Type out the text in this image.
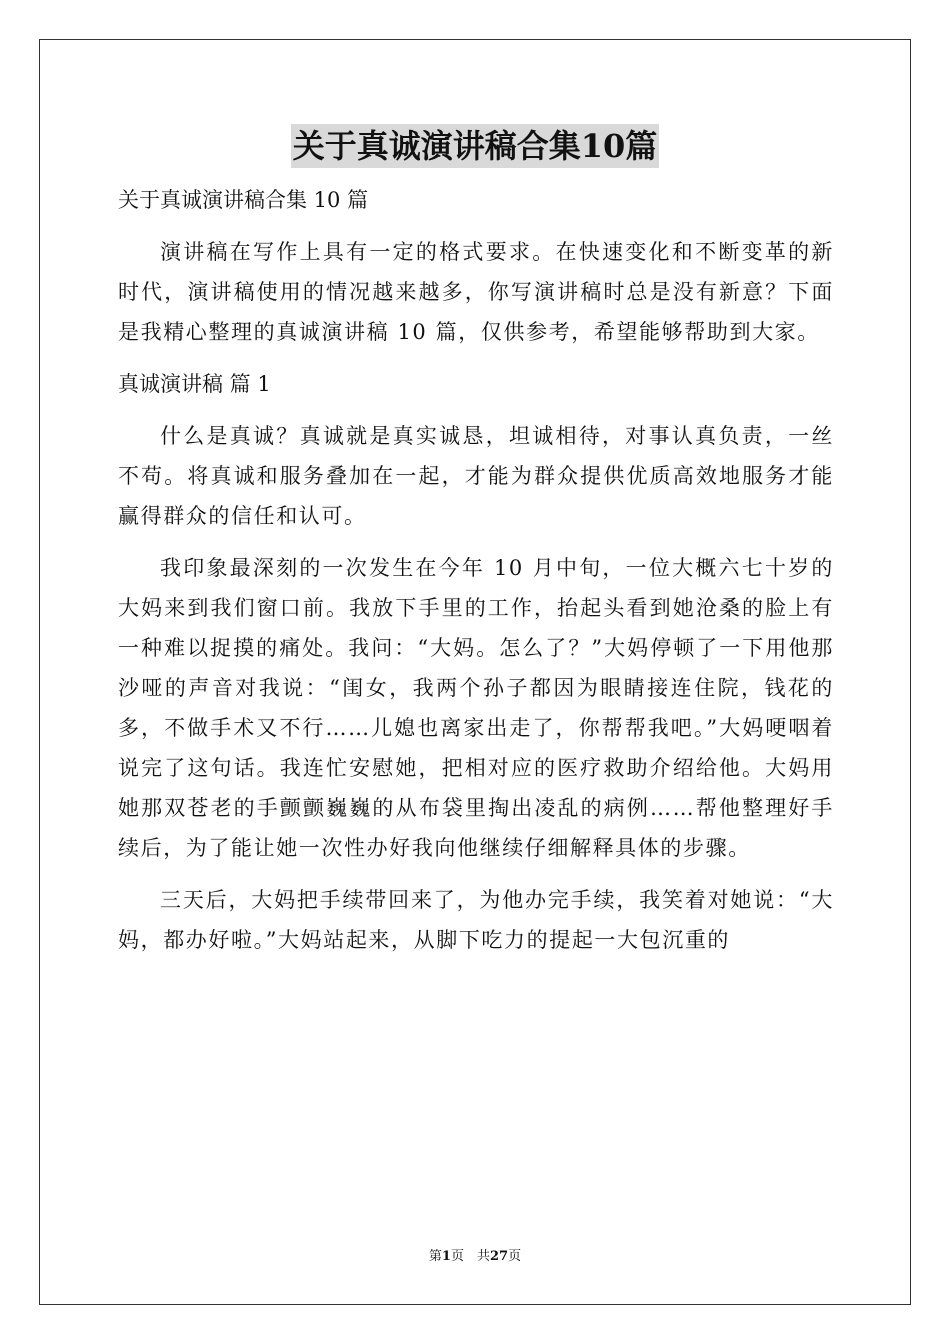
关于真诚演讲稿合集10篇

关于真诚演讲稿合集 10 篇

演讲稿在写作上具有一定的格式要求。在快速变化和不断变革的新时代，演讲稿使用的情况越来越多，你写演讲稿时总是没有新意？下面是我精心整理的真诚演讲稿 10 篇，仅供参考，希望能够帮助到大家。

真诚演讲稿 篇 1

什么是真诚？真诚就是真实诚恳，坦诚相待，对事认真负责，一丝不苟。将真诚和服务叠加在一起，才能为群众提供优质高效地服务才能赢得群众的信任和认可。

我印象最深刻的一次发生在今年 10 月中旬，一位大概六七十岁的大妈来到我们窗口前。我放下手里的工作，抬起头看到她沧桑的脸上有一种难以捉摸的痛处。我问：“大妈。怎么了？”大妈停顿了一下用他那沙哑的声音对我说：“闺女，我两个孙子都因为眼睛接连住院，钱花的多，不做手术又不行……儿媳也离家出走了，你帮帮我吧。”大妈哽咽着说完了这句话。我连忙安慰她，把相对应的医疗救助介绍给他。大妈用她那双苍老的手颤颤巍巍的从布袋里掏出凌乱的病例……帮他整理好手续后，为了能让她一次性办好我向他继续仔细解释具体的步骤。

三天后，大妈把手续带回来了，为他办完手续，我笑着对她说：“大妈，都办好啦。”大妈站起来，从脚下吃力的提起一大包沉重的

第1页　共27页
